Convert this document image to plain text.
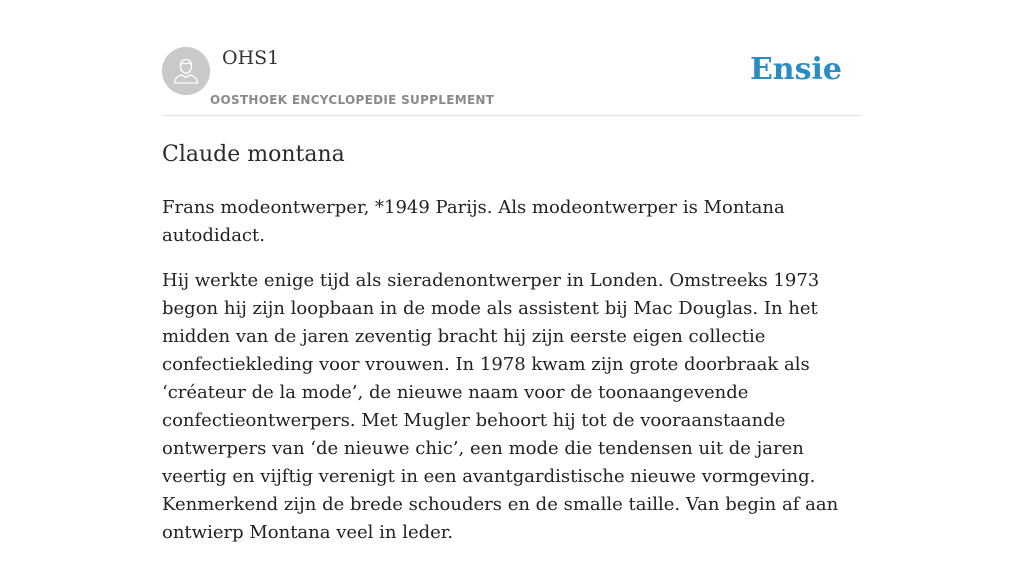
OHS1
OOSTHOEK ENCYCLOPEDIE SUPPLEMENT
Ensie
Claude montana

Frans modeontwerper, *1949 Parijs. Als modeontwerper is Montana autodidact.

Hij werkte enige tijd als sieradenontwerper in Londen. Omstreeks 1973 begon hij zijn loopbaan in de mode als assistent bij Mac Douglas. In het midden van de jaren zeventig bracht hij zijn eerste eigen collectie confectiekleding voor vrouwen. In 1978 kwam zijn grote doorbraak als ‘créateur de la mode’, de nieuwe naam voor de toonaangevende confectieontwerpers. Met Mugler behoort hij tot de vooraanstaande ontwerpers van ‘de nieuwe chic’, een mode die tendensen uit de jaren veertig en vijftig verenigt in een avantgardistische nieuwe vormgeving. Kenmerkend zijn de brede schouders en de smalle taille. Van begin af aan ontwierp Montana veel in leder.
